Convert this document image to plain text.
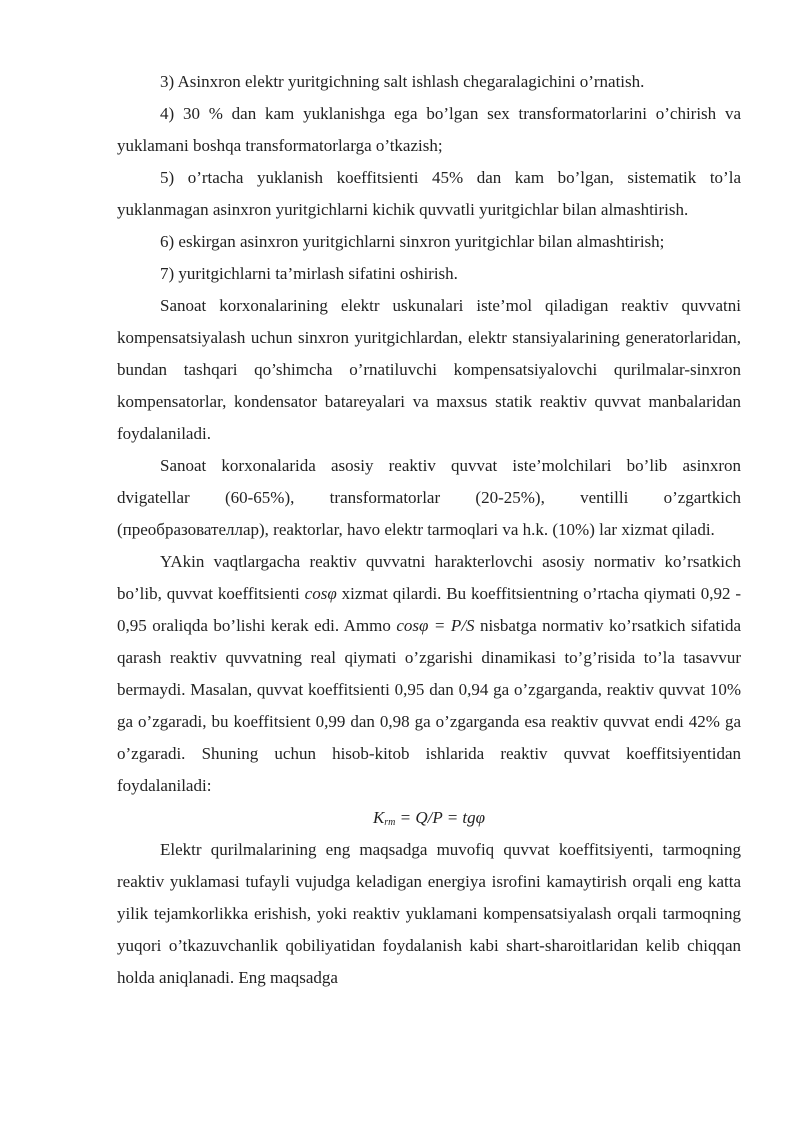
3) Asinxron elektr yuritgichning salt ishlash chegaralagichini o’rnatish.

4) 30 % dan kam yuklanishga ega bo’lgan sex transformatorlarini o’chirish va yuklamani boshqa transformatorlarga o’tkazish;

5) o’rtacha yuklanish koeffitsienti 45% dan kam bo’lgan, sistematik to’la yuklanmagan asinxron yuritgichlarni kichik quvvatli yuritgichlar bilan almashtirish.

6) eskirgan asinxron yuritgichlarni sinxron yuritgichlar bilan almashtirish;

7) yuritgichlarni ta’mirlash sifatini oshirish.

Sanoat korxonalarining elektr uskunalari iste’mol qiladigan reaktiv quvvatni kompensatsiyalash uchun sinxron yuritgichlardan, elektr stansiyalarining generatorlaridan, bundan tashqari qo’shimcha o’rnatiluvchi kompensatsiyalovchi qurilmalar-sinxron kompensatorlar, kondensator batareyalari va maxsus statik reaktiv quvvat manbalaridan foydalaniladi.

Sanoat korxonalarida asosiy reaktiv quvvat iste’molchilari bo’lib asinxron dvigatellar (60-65%), transformatorlar (20-25%), ventilli o’zgartkich (преобразователлар), reaktorlar, havo elektr tarmoqlari va h.k. (10%) lar xizmat qiladi.

YAkin vaqtlargacha reaktiv quvvatni harakterlovchi asosiy normativ ko’rsatkich bo’lib, quvvat koeffitsienti cosφ xizmat qilardi. Bu koeffitsientning o’rtacha qiymati 0,92 - 0,95 oraliqda bo’lishi kerak edi. Ammo cosφ = P/S nisbatga normativ ko’rsatkich sifatida qarash reaktiv quvvatning real qiymati o’zgarishi dinamikasi to’g’risida to’la tasavvur bermaydi. Masalan, quvvat koeffitsienti 0,95 dan 0,94 ga o’zgarganda, reaktiv quvvat 10% ga o’zgaradi, bu koeffitsient 0,99 dan 0,98 ga o’zgarganda esa reaktiv quvvat endi 42% ga o’zgaradi. Shuning uchun hisob-kitob ishlarida reaktiv quvvat koeffitsiyentidan foydalaniladi:

$K_{rm} = Q/P = tg\varphi$

Elektr qurilmalarining eng maqsadga muvofiq quvvat koeffitsiyenti, tarmoqning reaktiv yuklamasi tufayli vujudga keladigan energiya isrofini kamaytirish orqali eng katta yilik tejamkorlikka erishish, yoki reaktiv yuklamani kompensatsiyalash orqali tarmoqning yuqori o’tkazuvchanlik qobiliyatidan foydalanish kabi shart-sharoitlaridan kelib chiqqan holda aniqlanadi. Eng maqsadga
